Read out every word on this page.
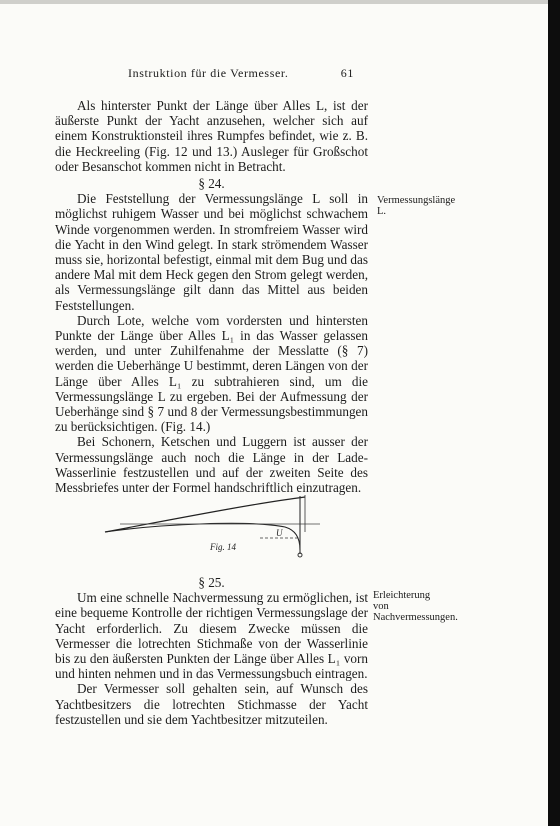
Instruktion für die Vermesser.	61

Als hinterster Punkt der Länge über Alles L, ist der äußerste Punkt der Yacht anzusehen, welcher sich auf einem Konstruktionsteil ihres Rumpfes befindet, wie z. B. die Heckreeling (Fig. 12 und 13.) Ausleger für Großschot oder Besanschot kommen nicht in Betracht.

§ 24.

Die Feststellung der Vermessungslänge L soll in möglichst ruhigem Wasser und bei möglichst schwachem Winde vorgenommen werden. In stromfreiem Wasser wird die Yacht in den Wind gelegt. In stark strömendem Wasser muss sie, horizontal befestigt, einmal mit dem Bug und das andere Mal mit dem Heck gegen den Strom gelegt werden, als Vermessungslänge gilt dann das Mittel aus beiden Feststellungen.

Durch Lote, welche vom vordersten und hintersten Punkte der Länge über Alles L₁ in das Wasser gelassen werden, und unter Zuhilfenahme der Messlatte (§ 7) werden die Ueberhänge U bestimmt, deren Längen von der Länge über Alles L₁ zu subtrahieren sind, um die Vermessungslänge L zu ergeben. Bei der Aufmessung der Ueberhänge sind § 7 und 8 der Vermessungsbestimmungen zu berücksichtigen. (Fig. 14.)

Bei Schonern, Ketschen und Luggern ist ausser der Vermessungslänge auch noch die Länge in der Lade-Wasserlinie festzustellen und auf der zweiten Seite des Messbriefes unter der Formel handschriftlich einzutragen.

Vermessungslänge L.
U
Fig. 14
§ 25.

Um eine schnelle Nachvermessung zu ermöglichen, ist eine bequeme Kontrolle der richtigen Vermessungslage der Yacht erforderlich. Zu diesem Zwecke müssen die Vermesser die lotrechten Stichmaße von der Wasserlinie bis zu den äußersten Punkten der Länge über Alles L₁ vorn und hinten nehmen und in das Vermessungsbuch eintragen.

Der Vermesser soll gehalten sein, auf Wunsch des Yachtbesitzers die lotrechten Stichmasse der Yacht festzustellen und sie dem Yachtbesitzer mitzuteilen.

Erleichterung von Nachvermessungen.
